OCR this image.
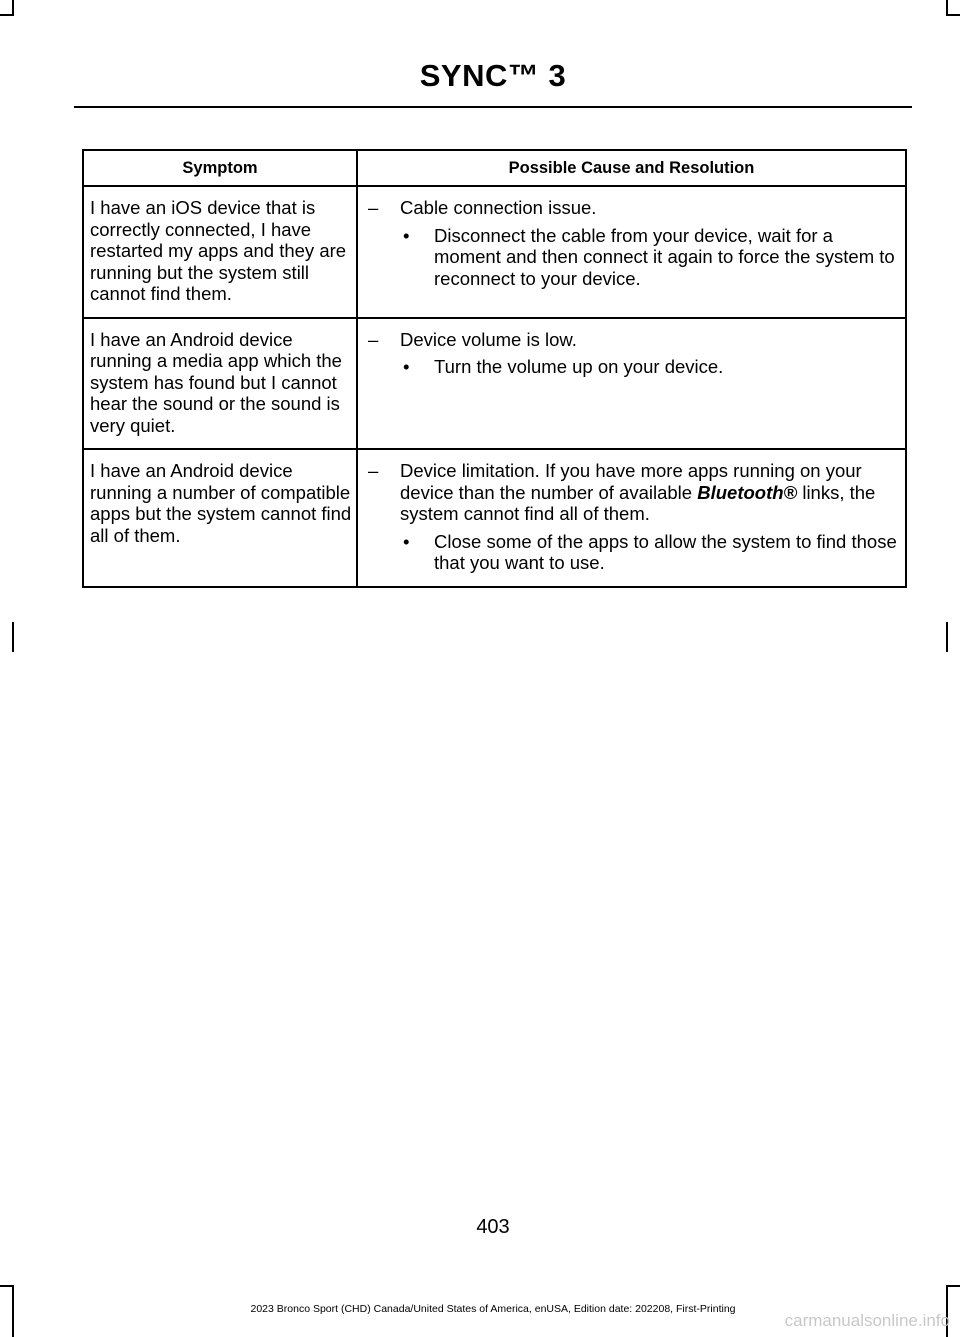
SYNC™ 3
Symptom	Possible Cause and Resolution
I have an iOS device that is correctly connected, I have restarted my apps and they are running but the system still cannot find them.	– Cable connection issue.
• Disconnect the cable from your device, wait for a moment and then connect it again to force the system to reconnect to your device.

I have an Android device running a media app which the system has found but I cannot hear the sound or the sound is very quiet.	– Device volume is low.
• Turn the volume up on your device.

I have an Android device running a number of compatible apps but the system cannot find all of them.	– Device limitation. If you have more apps running on your device than the number of available Bluetooth® links, the system cannot find all of them.
• Close some of the apps to allow the system to find those that you want to use.
403
2023 Bronco Sport (CHD) Canada/United States of America, enUSA, Edition date: 202208, First-Printing
carmanualsonline.info
